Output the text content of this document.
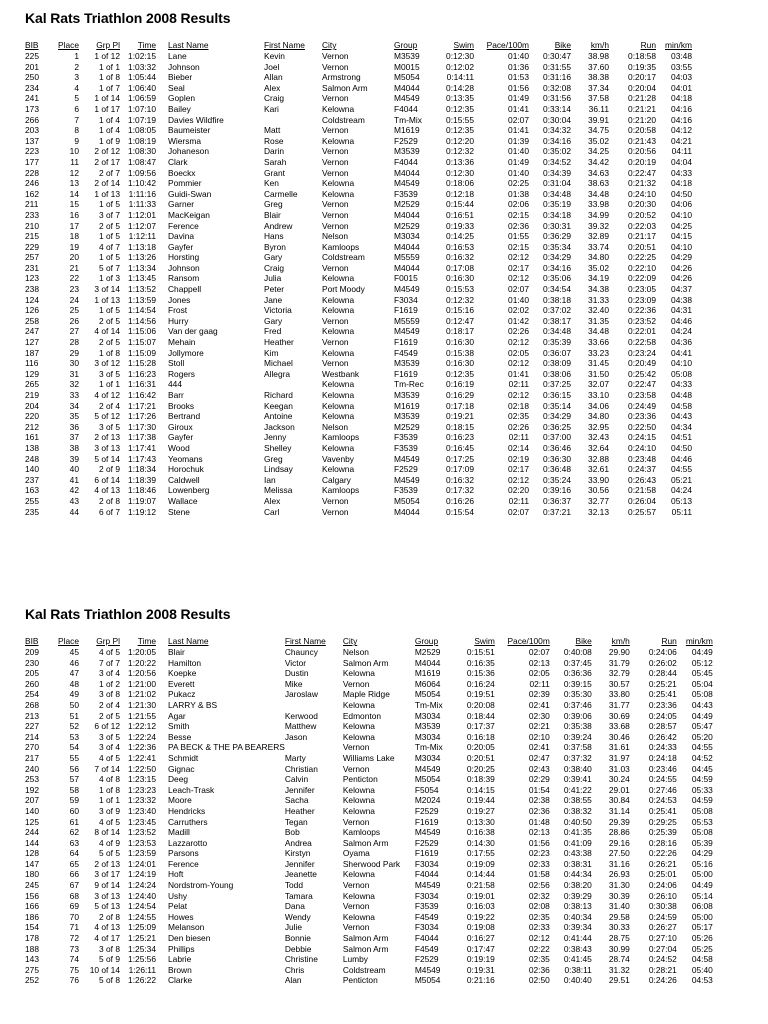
Kal Rats Triathlon 2008 Results
BIB	Place	Grp Pl	Time		Last Name	First Name	City	Group	Swim	Pace/100m	Bike	km/h	Run	min/km
225	1	1 of 12	1:02:15		Lane	Kevin	Vernon	M3539	0:12:30	01:40	0:30:47	38.98	0:18:58	03:48
201	2	1 of 1	1:03:32		Johnson	Joel	Vernon	M0015	0:12:02	01:36	0:31:55	37.60	0:19:35	03:55
250	3	1 of 8	1:05:44		Bieber	Allan	Armstrong	M5054	0:14:11	01:53	0:31:16	38.38	0:20:17	04:03
234	4	1 of 7	1:06:40		Seal	Alex	Salmon Arm	M4044	0:14:28	01:56	0:32:08	37.34	0:20:04	04:01
241	5	1 of 14	1:06:59		Goplen	Craig	Vernon	M4549	0:13:35	01:49	0:31:56	37.58	0:21:28	04:18
173	6	1 of 17	1:07:10		Bailey	Kari	Kelowna	F4044	0:12:35	01:41	0:33:14	36.11	0:21:21	04:16
266	7	1 of 4	1:07:19		Davies Wildfire		Coldstream	Tm-Mix	0:15:55	02:07	0:30:04	39.91	0:21:20	04:16
203	8	1 of 4	1:08:05		Baumeister	Matt	Vernon	M1619	0:12:35	01:41	0:34:32	34.75	0:20:58	04:12
137	9	1 of 9	1:08:19		Wiersma	Rose	Kelowna	F2529	0:12:20	01:39	0:34:16	35.02	0:21:43	04:21
223	10	2 of 12	1:08:30		Johaneson	Darin	Vernon	M3539	0:12:32	01:40	0:35:02	34.25	0:20:56	04:11
177	11	2 of 17	1:08:47		Clark	Sarah	Vernon	F4044	0:13:36	01:49	0:34:52	34.42	0:20:19	04:04
228	12	2 of 7	1:09:56		Boeckx	Grant	Vernon	M4044	0:12:30	01:40	0:34:39	34.63	0:22:47	04:33
246	13	2 of 14	1:10:42		Pommier	Ken	Kelowna	M4549	0:18:06	02:25	0:31:04	38.63	0:21:32	04:18
162	14	1 of 13	1:11:16		Guidi-Swan	Carmelle	Kelowna	F3539	0:12:18	01:38	0:34:48	34.48	0:24:10	04:50
211	15	1 of 5	1:11:33		Garner	Greg	Vernon	M2529	0:15:44	02:06	0:35:19	33.98	0:20:30	04:06
233	16	3 of 7	1:12:01		MacKeigan	Blair	Vernon	M4044	0:16:51	02:15	0:34:18	34.99	0:20:52	04:10
210	17	2 of 5	1:12:07		Ference	Andrew	Vernon	M2529	0:19:33	02:36	0:30:31	39.32	0:22:03	04:25
215	18	1 of 5	1:12:11		Davina	Hans	Nelson	M3034	0:14:25	01:55	0:36:29	32.89	0:21:17	04:15
229	19	4 of 7	1:13:18		Gayfer	Byron	Kamloops	M4044	0:16:53	02:15	0:35:34	33.74	0:20:51	04:10
257	20	1 of 5	1:13:26		Horsting	Gary	Coldstream	M5559	0:16:32	02:12	0:34:29	34.80	0:22:25	04:29
231	21	5 of 7	1:13:34		Johnson	Craig	Vernon	M4044	0:17:08	02:17	0:34:16	35.02	0:22:10	04:26
123	22	1 of 3	1:13:45		Ransom	Julia	Kelowna	F0015	0:16:30	02:12	0:35:06	34.19	0:22:09	04:26
238	23	3 of 14	1:13:52		Chappell	Peter	Port Moody	M4549	0:15:53	02:07	0:34:54	34.38	0:23:05	04:37
124	24	1 of 13	1:13:59		Jones	Jane	Kelowna	F3034	0:12:32	01:40	0:38:18	31.33	0:23:09	04:38
126	25	1 of 5	1:14:54		Frost	Victoria	Kelowna	F1619	0:15:16	02:02	0:37:02	32.40	0:22:36	04:31
258	26	2 of 5	1:14:56		Hurry	Gary	Vernon	M5559	0:12:47	01:42	0:38:17	31.35	0:23:52	04:46
247	27	4 of 14	1:15:06		Van der gaag	Fred	Kelowna	M4549	0:18:17	02:26	0:34:48	34.48	0:22:01	04:24
127	28	2 of 5	1:15:07		Mehain	Heather	Vernon	F1619	0:16:30	02:12	0:35:39	33.66	0:22:58	04:36
187	29	1 of 8	1:15:09		Jollymore	Kim	Kelowna	F4549	0:15:38	02:05	0:36:07	33.23	0:23:24	04:41
116	30	3 of 12	1:15:28		Stoll	Michael	Vernon	M3539	0:16:30	02:12	0:38:09	31.45	0:20:49	04:10
129	31	3 of 5	1:16:23		Rogers	Allegra	Westbank	F1619	0:12:35	01:41	0:38:06	31.50	0:25:42	05:08
265	32	1 of 1	1:16:31		444		Kelowna	Tm-Rec	0:16:19	02:11	0:37:25	32.07	0:22:47	04:33
219	33	4 of 12	1:16:42		Barr	Richard	Kelowna	M3539	0:16:29	02:12	0:36:15	33.10	0:23:58	04:48
204	34	2 of 4	1:17:21		Brooks	Keegan	Kelowna	M1619	0:17:18	02:18	0:35:14	34.06	0:24:49	04:58
220	35	5 of 12	1:17:26		Bertrand	Antoine	Kelowna	M3539	0:19:21	02:35	0:34:29	34.80	0:23:36	04:43
212	36	3 of 5	1:17:30		Giroux	Jackson	Nelson	M2529	0:18:15	02:26	0:36:25	32.95	0:22:50	04:34
161	37	2 of 13	1:17:38		Gayfer	Jenny	Kamloops	F3539	0:16:23	02:11	0:37:00	32.43	0:24:15	04:51
138	38	3 of 13	1:17:41		Wood	Shelley	Kelowna	F3539	0:16:45	02:14	0:36:46	32.64	0:24:10	04:50
248	39	5 of 14	1:17:43		Yeomans	Greg	Vavenby	M4549	0:17:25	02:19	0:36:30	32.88	0:23:48	04:46
140	40	2 of 9	1:18:34		Horochuk	Lindsay	Kelowna	F2529	0:17:09	02:17	0:36:48	32.61	0:24:37	04:55
237	41	6 of 14	1:18:39		Caldwell	Ian	Calgary	M4549	0:16:32	02:12	0:35:24	33.90	0:26:43	05:21
163	42	4 of 13	1:18:46		Lowenberg	Melissa	Kamloops	F3539	0:17:32	02:20	0:39:16	30.56	0:21:58	04:24
255	43	2 of 8	1:19:07		Wallace	Alex	Vernon	M5054	0:16:26	02:11	0:36:37	32.77	0:26:04	05:13
235	44	6 of 7	1:19:12		Stene	Carl	Vernon	M4044	0:15:54	02:07	0:37:21	32.13	0:25:57	05:11
Kal Rats Triathlon 2008 Results
BIB	Place	Grp Pl	Time		Last Name	First Name	City	Group	Swim	Pace/100m	Bike	km/h	Run	min/km
209	45	4 of 5	1:20:05		Blair	Chauncy	Nelson	M2529	0:15:51	02:07	0:40:08	29.90	0:24:06	04:49
230	46	7 of 7	1:20:22		Hamilton	Victor	Salmon Arm	M4044	0:16:35	02:13	0:37:45	31.79	0:26:02	05:12
205	47	3 of 4	1:20:56		Koepke	Dustin	Kelowna	M1619	0:15:36	02:05	0:36:36	32.79	0:28:44	05:45
260	48	1 of 2	1:21:00		Everett	Mike	Vernon	M6064	0:16:24	02:11	0:39:15	30.57	0:25:21	05:04
254	49	3 of 8	1:21:02		Pukacz	Jaroslaw	Maple Ridge	M5054	0:19:51	02:39	0:35:30	33.80	0:25:41	05:08
268	50	2 of 4	1:21:30		LARRY & BS		Kelowna	Tm-Mix	0:20:08	02:41	0:37:46	31.77	0:23:36	04:43
213	51	2 of 5	1:21:55		Agar	Kerwood	Edmonton	M3034	0:18:44	02:30	0:39:06	30.69	0:24:05	04:49
227	52	6 of 12	1:22:12		Smith	Matthew	Kelowna	M3539	0:17:37	02:21	0:35:38	33.68	0:28:57	05:47
214	53	3 of 5	1:22:24		Besse	Jason	Kelowna	M3034	0:16:18	02:10	0:39:24	30.46	0:26:42	05:20
270	54	3 of 4	1:22:36		PA BECK & THE PA BEARERS		Vernon	Tm-Mix	0:20:05	02:41	0:37:58	31.61	0:24:33	04:55
217	55	4 of 5	1:22:41		Schmidt	Marty	Williams Lake	M3034	0:20:51	02:47	0:37:32	31.97	0:24:18	04:52
240	56	7 of 14	1:22:50		Gignac	Christian	Vernon	M4549	0:20:25	02:43	0:38:40	31.03	0:23:46	04:45
253	57	4 of 8	1:23:15		Deeg	Calvin	Penticton	M5054	0:18:39	02:29	0:39:41	30.24	0:24:55	04:59
192	58	1 of 8	1:23:23		Leach-Trask	Jennifer	Kelowna	F5054	0:14:15	01:54	0:41:22	29.01	0:27:46	05:33
207	59	1 of 1	1:23:32		Moore	Sacha	Kelowna	M2024	0:19:44	02:38	0:38:55	30.84	0:24:53	04:59
140	60	3 of 9	1:23:40		Hendricks	Heather	Kelowna	F2529	0:19:27	02:36	0:38:32	31.14	0:25:41	05:08
125	61	4 of 5	1:23:45		Carruthers	Tegan	Vernon	F1619	0:13:30	01:48	0:40:50	29.39	0:29:25	05:53
244	62	8 of 14	1:23:52		Madill	Bob	Kamloops	M4549	0:16:38	02:13	0:41:35	28.86	0:25:39	05:08
144	63	4 of 9	1:23:53		Lazzarotto	Andrea	Salmon Arm	F2529	0:14:30	01:56	0:41:09	29.16	0:28:16	05:39
128	64	5 of 5	1:23:59		Parsons	Kirstyn	Oyama	F1619	0:17:55	02:23	0:43:38	27.50	0:22:26	04:29
147	65	2 of 13	1:24:01		Ference	Jennifer	Sherwood Park	F3034	0:19:09	02:33	0:38:31	31.16	0:26:21	05:16
180	66	3 of 17	1:24:19		Hoft	Jeanette	Kelowna	F4044	0:14:44	01:58	0:44:34	26.93	0:25:01	05:00
245	67	9 of 14	1:24:24		Nordstrom-Young	Todd	Vernon	M4549	0:21:58	02:56	0:38:20	31.30	0:24:06	04:49
156	68	3 of 13	1:24:40		Ushy	Tamara	Kelowna	F3034	0:19:01	02:32	0:39:29	30.39	0:26:10	05:14
166	69	5 of 13	1:24:54		Pelat	Dana	Vernon	F3539	0:16:03	02:08	0:38:13	31.40	0:30:38	06:08
186	70	2 of 8	1:24:55		Howes	Wendy	Kelowna	F4549	0:19:22	02:35	0:40:34	29.58	0:24:59	05:00
154	71	4 of 13	1:25:09		Melanson	Julie	Vernon	F3034	0:19:08	02:33	0:39:34	30.33	0:26:27	05:17
178	72	4 of 17	1:25:21		Den biesen	Bonnie	Salmon Arm	F4044	0:16:27	02:12	0:41:44	28.75	0:27:10	05:26
188	73	3 of 8	1:25:34		Phillips	Debbie	Salmon Arm	F4549	0:17:47	02:22	0:38:43	30.99	0:27:04	05:25
143	74	5 of 9	1:25:56		Labrie	Christine	Lumby	F2529	0:19:19	02:35	0:41:45	28.74	0:24:52	04:58
275	75	10 of 14	1:26:11		Brown	Chris	Coldstream	M4549	0:19:31	02:36	0:38:11	31.32	0:28:21	05:40
252	76	5 of 8	1:26:22		Clarke	Alan	Penticton	M5054	0:21:16	02:50	0:40:40	29.51	0:24:26	04:53
